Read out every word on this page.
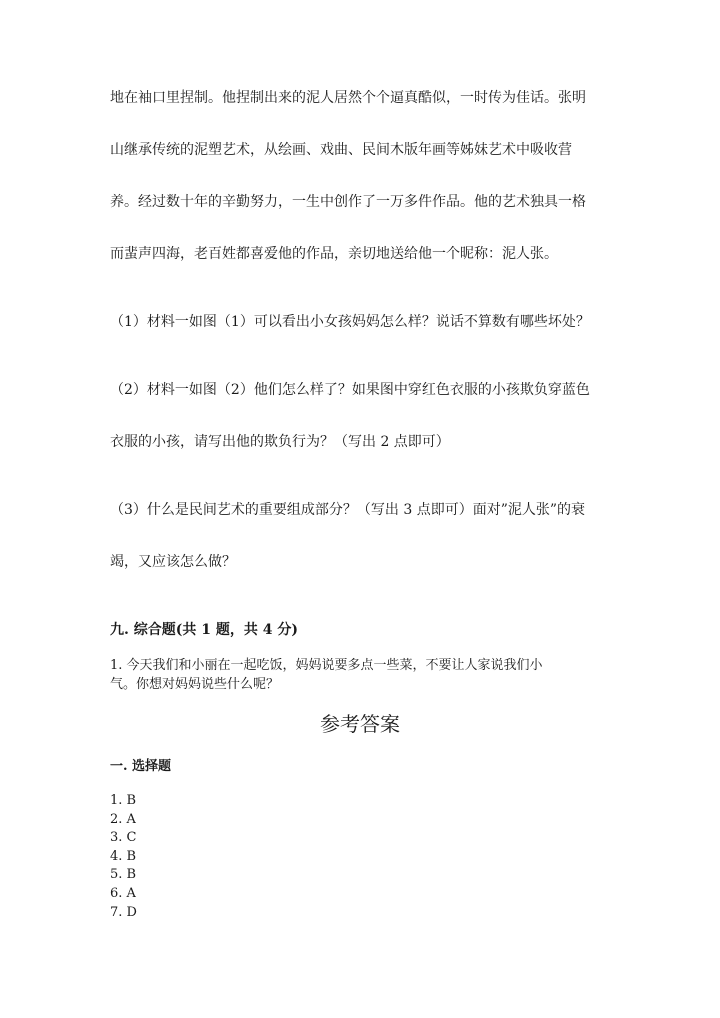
地在袖口里捏制。他捏制出来的泥人居然个个逼真酷似，一时传为佳话。张明
山继承传统的泥塑艺术，从绘画、戏曲、民间木版年画等姊妹艺术中吸收营
养。经过数十年的辛勤努力，一生中创作了一万多件作品。他的艺术独具一格
而蜚声四海，老百姓都喜爱他的作品，亲切地送给他一个昵称：泥人张。
（1）材料一如图（1）可以看出小女孩妈妈怎么样？说话不算数有哪些坏处？
（2）材料一如图（2）他们怎么样了？如果图中穿红色衣服的小孩欺负穿蓝色
衣服的小孩，请写出他的欺负行为？（写出 2 点即可）
（3）什么是民间艺术的重要组成部分？（写出 3 点即可）面对”泥人张”的衰
竭，又应该怎么做？
九. 综合题(共 1 题，共 4 分)
1. 今天我们和小丽在一起吃饭，妈妈说要多点一些菜，不要让人家说我们小
气。你想对妈妈说些什么呢？
参考答案
一. 选择题
1. B
2. A
3. C
4. B
5. B
6. A
7. D
